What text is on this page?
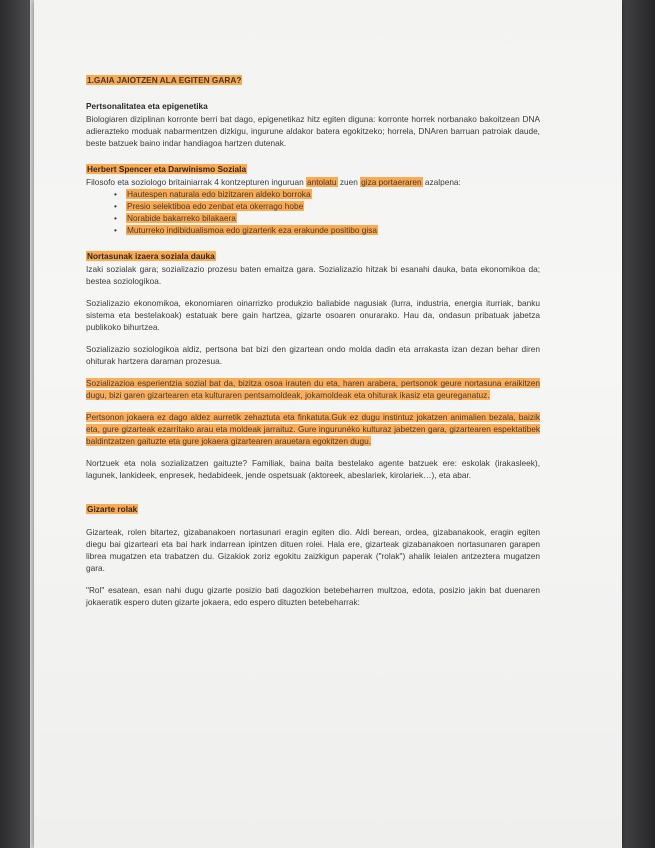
1.GAIA JAIOTZEN ALA EGITEN GARA?
Pertsonalitatea eta epigenetika

Biologiaren diziplinan korronte berri bat dago, epigenetikaz hitz egiten diguna: korronte horrek norbanako bakoitzean DNA adierazteko moduak nabarmentzen dizkigu, ingurune aldakor batera egokitzeko; horrela, DNAren barruan patroiak daude, beste batzuek baino indar handiagoa hartzen dutenak.

Herbert Spencer eta Darwinismo Soziala

Filosofo eta soziologo britainiarrak 4 kontzepturen inguruan antolatu zuen giza portaeraren azalpena:

• Hautespen naturala edo bizitzaren aldeko borroka
• Presio selektiboa edo zenbat eta okerrago hobe
• Norabide bakarreko bilakaera
• Muturreko indibidualismoa edo gizarterik eza erakunde positibo gisa
Nortasunak izaera soziala dauka

Izaki sozialak gara; sozializazio prozesu baten emaitza gara. Sozializazio hitzak bi esanahi dauka, bata ekonomikoa da; bestea soziologikoa.

Sozializazio ekonomikoa, ekonomiaren oinarrizko produkzio baliabide nagusiak (lurra, industria, energia iturriak, banku sistema eta bestelakoak) estatuak bere gain hartzea, gizarte osoaren onurarako. Hau da, ondasun pribatuak jabetza publikoko bihurtzea.

Sozializazio soziologikoa aldiz, pertsona bat bizi den gizartean ondo molda dadin eta arrakasta izan dezan behar diren ohiturak hartzera daraman prozesua.

Sozializazioa esperientzia sozial bat da, bizitza osoa irauten du eta, haren arabera, pertsonok geure nortasuna eraikitzen dugu, bizi garen gizartearen eta kulturaren pentsamoldeak, jokamoldeak eta ohiturak ikasiz eta geureganatuz.

Pertsonon jokaera ez dago aldez aurretik zehaztuta eta finkatuta.Guk ez dugu instintuz jokatzen animalien bezala, baizik eta, gure gizarteak ezarritako arau eta moldeak jarraituz. Gure ingurunéko kulturaz jabetzen gara, gizartearen espektatibek baldintzatzen gaituzte eta gure jokaera gizartearen arauetara egokitzen dugu.

Nortzuek eta nola sozializatzen gaituzte? Familiak, baina baita bestelako agente batzuek ere: eskolak (irakasleek), lagunek, lankideek, enpresek, hedabideek, jende ospetsuak (aktoreek, abeslariek, kirolariek…), eta abar.

Gizarte rolak

Gizarteak, rolen bitartez, gizabanakoen nortasunari eragin egiten dio. Aldi berean, ordea, gizabanakook, eragin egiten diegu bai gizarteari eta bai hark indarrean ipintzen dituen rolei. Hala ere, gizarteak gizabanakoen nortasunaren garapen librea mugatzen eta trabatzen du. Gizakiok zoriz egokitu zaizkigun paperak ("rolak") ahalik leialen antzeztera mugatzen gara.

"Rol" esatean, esan nahi dugu gizarte posizio bati dagozkion betebeharren multzoa, edota, posizio jakin bat duenaren jokaeratik espero duten gizarte jokaera, edo espero dituzten betebeharrak:
